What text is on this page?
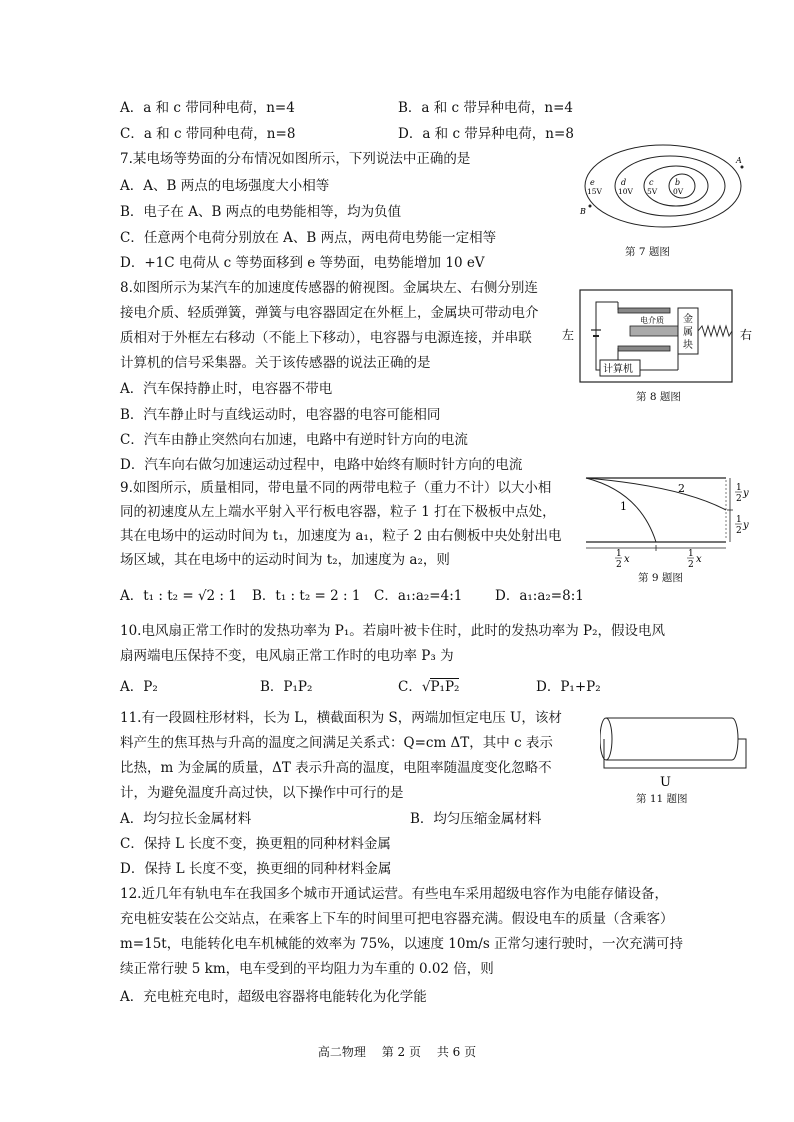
A．a 和 c 带同种电荷，n=4	B．a 和 c 带异种电荷，n=4
C．a 和 c 带同种电荷，n=8	D．a 和 c 带异种电荷，n=8
7.某电场等势面的分布情况如图所示，下列说法中正确的是
A．A、B 两点的电场强度大小相等
B．电子在 A、B 两点的电势能相等，均为负值
C．任意两个电荷分别放在 A、B 两点，两电荷电势能一定相等
D．+1C 电荷从 c 等势面移到 e 等势面，电势能增加 10 eV
e
15V
d
10V
c
5V
b
0V
A
B
第 7 题图
8.如图所示为某汽车的加速度传感器的俯视图。金属块左、右侧分别连
接电介质、轻质弹簧，弹簧与电容器固定在外框上，金属块可带动电介
质相对于外框左右移动（不能上下移动），电容器与电源连接，并串联
计算机的信号采集器。关于该传感器的说法正确的是
A．汽车保持静止时，电容器不带电
B．汽车静止时与直线运动时，电容器的电容可能相同
C．汽车由静止突然向右加速，电路中有逆时针方向的电流
D．汽车向右做匀加速运动过程中，电路中始终有顺时针方向的电流
电介质 金
属
块
计算机
左	右
第 8 题图
9.如图所示，质量相同，带电量不同的两带电粒子（重力不计）以大小相
同的初速度从左上端水平射入平行板电容器，粒子 1 打在下极板中点处，
其在电场中的运动时间为 t₁，加速度为 a₁，粒子 2 由右侧板中央处射出电
场区域，其在电场中的运动时间为 t₂，加速度为 a₂，则
A．t₁ : t₂ = √2 : 1 B．t₁ : t₂ = 2 : 1 C．a₁:a₂=4:1 D．a₁:a₂=8:1
1
2	1
2 y
1
2 y
1
2 x	1
2 x
第 9 题图
10.电风扇正常工作时的发热功率为 P₁。若扇叶被卡住时，此时的发热功率为 P₂，假设电风
扇两端电压保持不变，电风扇正常工作时的电功率 P₃ 为
A．P₂	B．P₁P₂	C．√P₁P₂	D．P₁+P₂
11.有一段圆柱形材料，长为 L，横截面积为 S，两端加恒定电压 U，该材
料产生的焦耳热与升高的温度之间满足关系式：Q=cm ΔT，其中 c 表示
比热，m 为金属的质量，ΔT 表示升高的温度，电阻率随温度变化忽略不
计，为避免温度升高过快，以下操作中可行的是
A．均匀拉长金属材料	B．均匀压缩金属材料
C．保持 L 长度不变，换更粗的同种材料金属
D．保持 L 长度不变，换更细的同种材料金属
U
第 11 题图
12.近几年有轨电车在我国多个城市开通试运营。有些电车采用超级电容作为电能存储设备，
充电桩安装在公交站点，在乘客上下车的时间里可把电容器充满。假设电车的质量（含乘客）
m=15t，电能转化电车机械能的效率为 75%，以速度 10m/s 正常匀速行驶时，一次充满可持
续正常行驶 5 km，电车受到的平均阻力为车重的 0.02 倍，则
A．充电桩充电时，超级电容器将电能转化为化学能
高二物理 第 2 页 共 6 页
